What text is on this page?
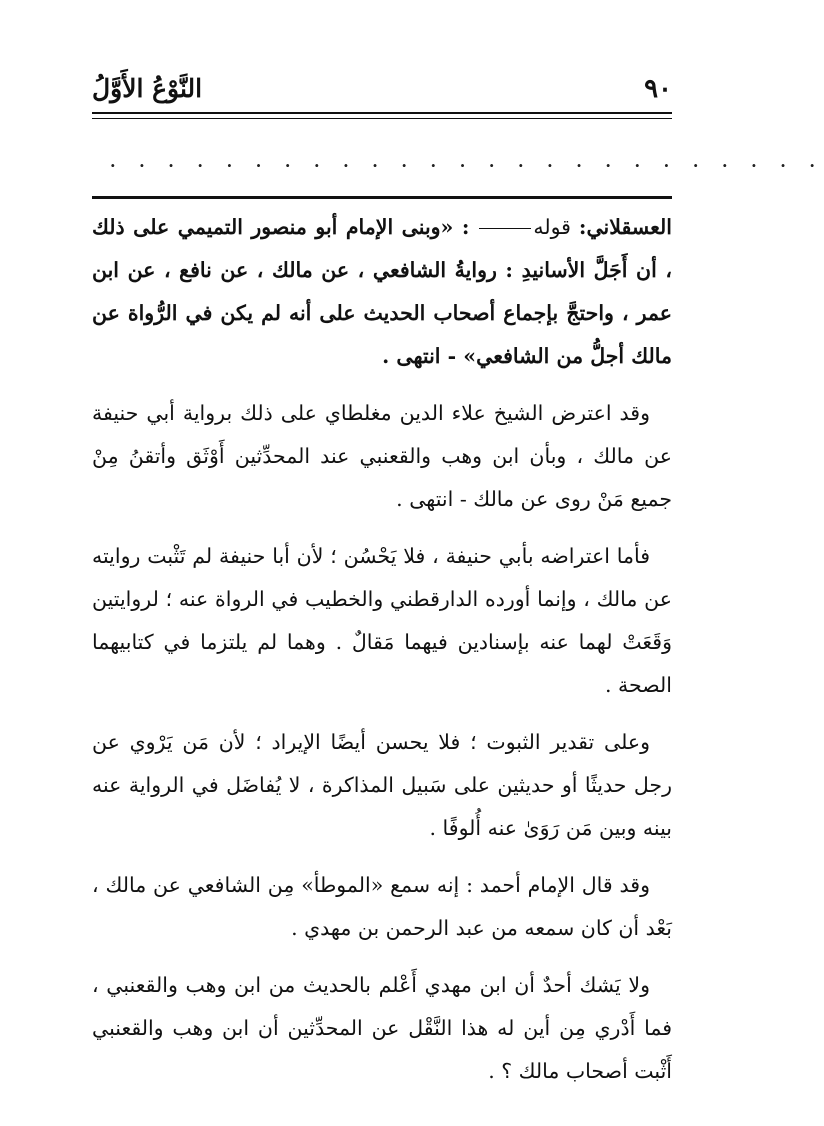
٩٠
النَّوْعُ الأَوَّلُ
. . . . . . . . . . . . . . . . . . . . . . . . .

العسقلاني: قوله : «وبنى الإمام أبو منصور التميمي على ذلك ، أن أَجَلَّ الأسانيدِ : روايةُ الشافعي ، عن مالك ، عن نافع ، عن ابن عمر ، واحتجَّ بإجماع أصحاب الحديث على أنه لم يكن في الرُّواة عن مالك أجلُّ من الشافعي» - انتهى .

وقد اعترض الشيخ علاء الدين مغلطاي على ذلك برواية أبي حنيفة عن مالك ، وبأن ابن وهب والقعنبي عند المحدِّثين أَوْثَق وأتقنُ مِنْ جميع مَنْ روى عن مالك - انتهى .

فأما اعتراضه بأبي حنيفة ، فلا يَحْسُن ؛ لأن أبا حنيفة لم تَثْبت روايته عن مالك ، وإنما أورده الدارقطني والخطيب في الرواة عنه ؛ لروايتين وَقَعَتْ لهما عنه بإسنادين فيهما مَقالٌ . وهما لم يلتزما في كتابيهما الصحة .

وعلى تقدير الثبوت ؛ فلا يحسن أيضًا الإيراد ؛ لأن مَن يَرْوي عن رجل حديثًا أو حديثين على سَبيل المذاكرة ، لا يُفاضَل في الرواية عنه بينه وبين مَن رَوَىٰ عنه أُلوفًا .

وقد قال الإمام أحمد : إنه سمع «الموطأ» مِن الشافعي عن مالك ، بَعْد أن كان سمعه من عبد الرحمن بن مهدي .

ولا يَشك أحدٌ أن ابن مهدي أَعْلم بالحديث من ابن وهب والقعنبي ، فما أَدْري مِن أين له هذا النَّقْل عن المحدِّثين أن ابن وهب والقعنبي أَثْبت أصحاب مالك ؟ .
